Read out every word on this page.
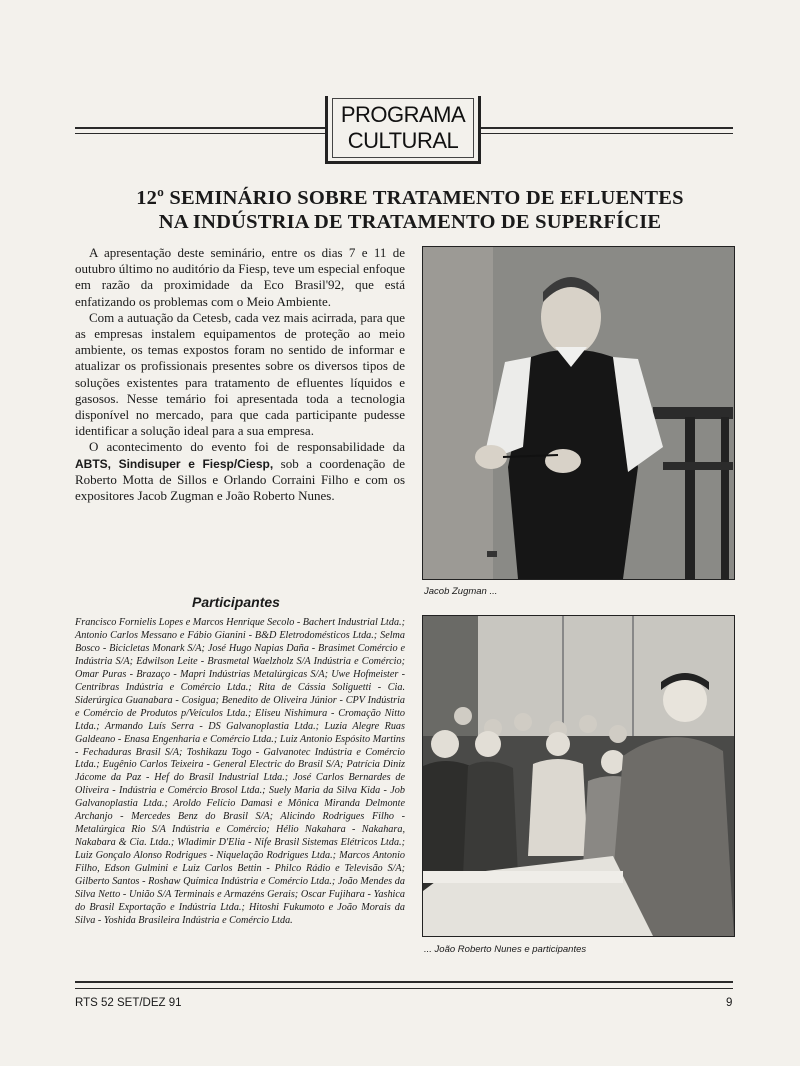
PROGRAMA
CULTURAL
12º SEMINÁRIO SOBRE TRATAMENTO DE EFLUENTES
NA INDÚSTRIA DE TRATAMENTO DE SUPERFÍCIE

A apresentação deste seminário, entre os dias 7 e 11 de outubro último no auditório da Fiesp, teve um especial enfoque em razão da proximidade da Eco Brasil'92, que está enfatizando os problemas com o Meio Ambiente.

Com a autuação da Cetesb, cada vez mais acirrada, para que as empresas instalem equipamentos de proteção ao meio ambiente, os temas expostos foram no sentido de informar e atualizar os profissionais presentes sobre os diversos tipos de soluções existentes para tratamento de efluentes líquidos e gasosos. Nesse temário foi apresentada toda a tecnologia disponível no mercado, para que cada participante pudesse identificar a solução ideal para a sua empresa.

O acontecimento do evento foi de responsabilidade da ABTS, Sindisuper e Fiesp/Ciesp, sob a coordenação de Roberto Motta de Sillos e Orlando Corraini Filho e com os expositores Jacob Zugman e João Roberto Nunes.

Participantes
Francisco Fornielis Lopes e Marcos Henrique Secolo - Bachert Industrial Ltda.; Antonio Carlos Messano e Fábio Gianini - B&D Eletrodomésticos Ltda.; Selma Bosco - Bicicletas Monark S/A; José Hugo Napias Daña - Brasimet Comércio e Indústria S/A; Edwilson Leite - Brasmetal Waelzholz S/A Indústria e Comércio; Omar Puras - Brazaço - Mapri Indústrias Metalúrgicas S/A; Uwe Hofmeister - Centribras Indústria e Comércio Ltda.; Rita de Cássia Soliguetti - Cia. Siderúrgica Guanabara - Cosigua; Benedito de Oliveira Júnior - CPV Indústria e Comércio de Produtos p/Veículos Ltda.; Eliseu Nishimura - Cromação Nitto Ltda.; Armando Luís Serra - DS Galvanoplastia Ltda.; Luzia Alegre Ruas Galdeano - Enasa Engenharia e Comércio Ltda.; Luiz Antonio Espósito Martins - Fechaduras Brasil S/A; Toshikazu Togo - Galvanotec Indústria e Comércio Ltda.; Eugênio Carlos Teixeira - General Electric do Brasil S/A; Patrícia Diniz Jácome da Paz - Hef do Brasil Industrial Ltda.; José Carlos Bernardes de Oliveira - Indústria e Comércio Brosol Ltda.; Suely Maria da Silva Kida - Job Galvanoplastia Ltda.; Aroldo Felício Damasi e Mônica Miranda Delmonte Archanjo - Mercedes Benz do Brasil S/A; Alicindo Rodrigues Filho - Metalúrgica Rio S/A Indústria e Comércio; Hélio Nakahara - Nakahara, Nakabara & Cia. Ltda.; Wladimir D'Elia - Nife Brasil Sistemas Elétricos Ltda.; Luiz Gonçalo Alonso Rodrigues - Niquelação Rodrigues Ltda.; Marcos Antonio Filho, Edson Gulmini e Luiz Carlos Bettin - Philco Rádio e Televisão S/A; Gilberto Santos - Roshaw Química Indústria e Comércio Ltda.; João Mendes da Silva Netto - União S/A Terminais e Armazéns Gerais; Oscar Fujihara - Yashica do Brasil Exportação e Indústria Ltda.; Hitoshi Fukumoto e João Morais da Silva - Yoshida Brasileira Indústria e Comércio Ltda.
Jacob Zugman ...
... João Roberto Nunes e participantes
RTS 52 SET/DEZ 91	9
